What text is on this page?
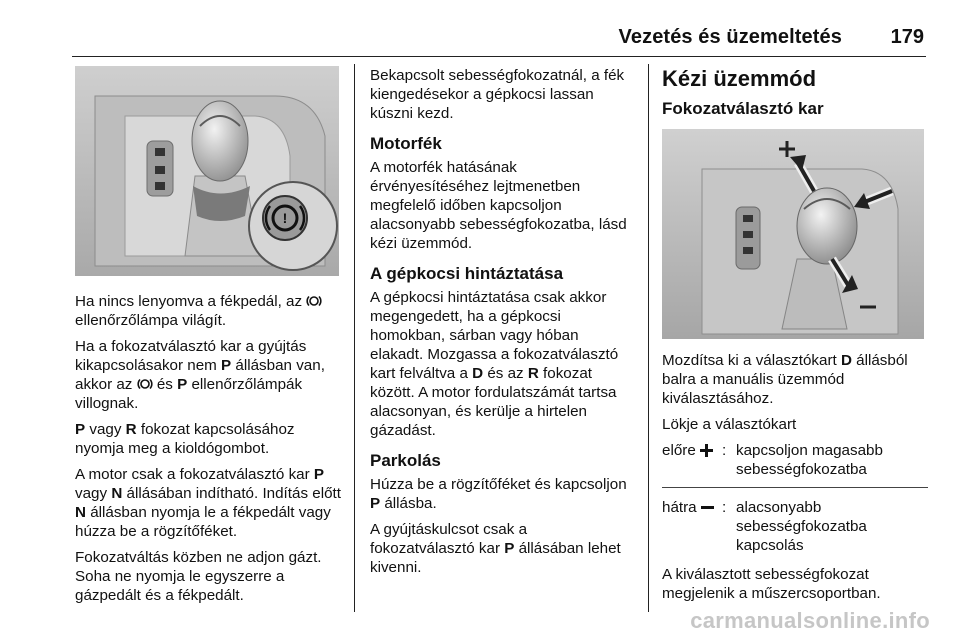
Vezetés és üzemeltetés 179
!

Ha nincs lenyomva a fékpedál, az  ellenőrzőlámpa világít.

Ha a fokozatválasztó kar a gyújtás kikapcsolásakor nem P állásban van, akkor az  és P ellenőrzőlámpák villognak.

P vagy R fokozat kapcsolásához nyomja meg a kioldógombot.

A motor csak a fokozatválasztó kar P vagy N állásában indítható. Indítás előtt N állásban nyomja le a fékpedált vagy húzza be a rögzítőféket.

Fokozatváltás közben ne adjon gázt. Soha ne nyomja le egyszerre a gázpedált és a fékpedált.

Bekapcsolt sebességfokozatnál, a fék kiengedésekor a gépkocsi lassan kúszni kezd.

Motorfék

A motorfék hatásának érvényesítéséhez lejtmenetben megfelelő időben kapcsoljon alacsonyabb sebességfokozatba, lásd kézi üzemmód.

A gépkocsi hintáztatása

A gépkocsi hintáztatása csak akkor megengedett, ha a gépkocsi homokban, sárban vagy hóban elakadt. Mozgassa a fokozatválasztó kart felváltva a D és az R fokozat között. A motor fordulatszámát tartsa alacsonyan, és kerülje a hirtelen gázadást.

Parkolás

Húzza be a rögzítőféket és kapcsoljon P állásba.

A gyújtáskulcsot csak a fokozatválasztó kar P állásában lehet kivenni.

Kézi üzemmód
Fokozatválasztó kar

Mozdítsa ki a választókart D állásból balra a manuális üzemmód kiválasztásához.

Lökje a választókart

előre	: kapcsoljon magasabb sebességfokozatba
hátra	: alacsonyabb sebességfokozatba kapcsolás

A kiválasztott sebességfokozat megjelenik a műszercsoportban.

carmanualsonline.info
